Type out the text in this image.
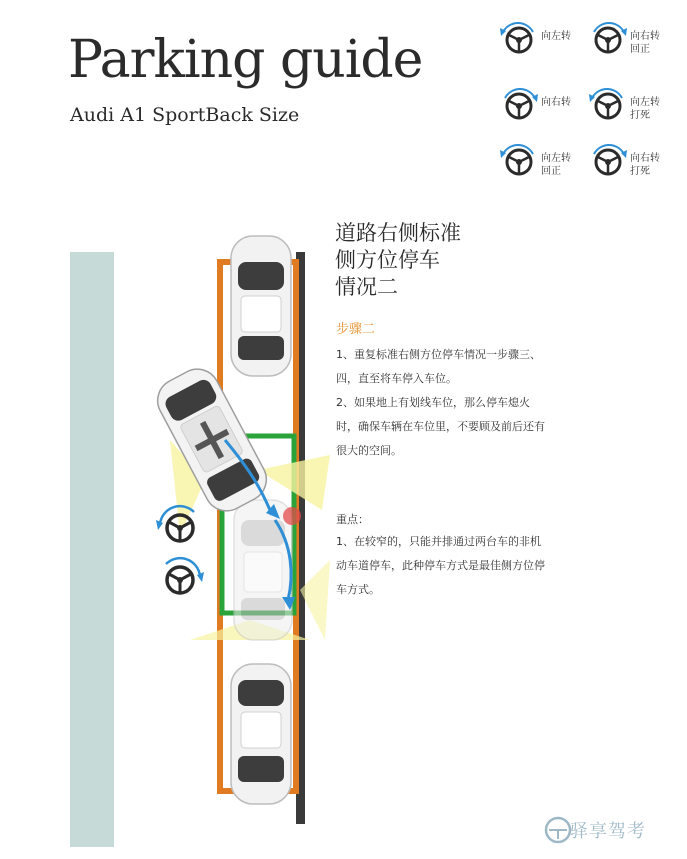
Parking guide
Audi A1 SportBack Size
向左转	向右转
回正
向右转	向左转
打死
向左转
回正
向右转
打死
道路右侧标准
侧方位停车
情况二
步骤二
1、重复标准右侧方位停车情况一步骤三、四，直至将车停入车位。
2、如果地上有划线车位，那么停车熄火时，确保车辆在车位里，不要顾及前后还有很大的空间。
重点：
1、在较窄的，只能并排通过两台车的非机动车道停车，此种停车方式是最佳侧方位停车方式。
驿享驾考
